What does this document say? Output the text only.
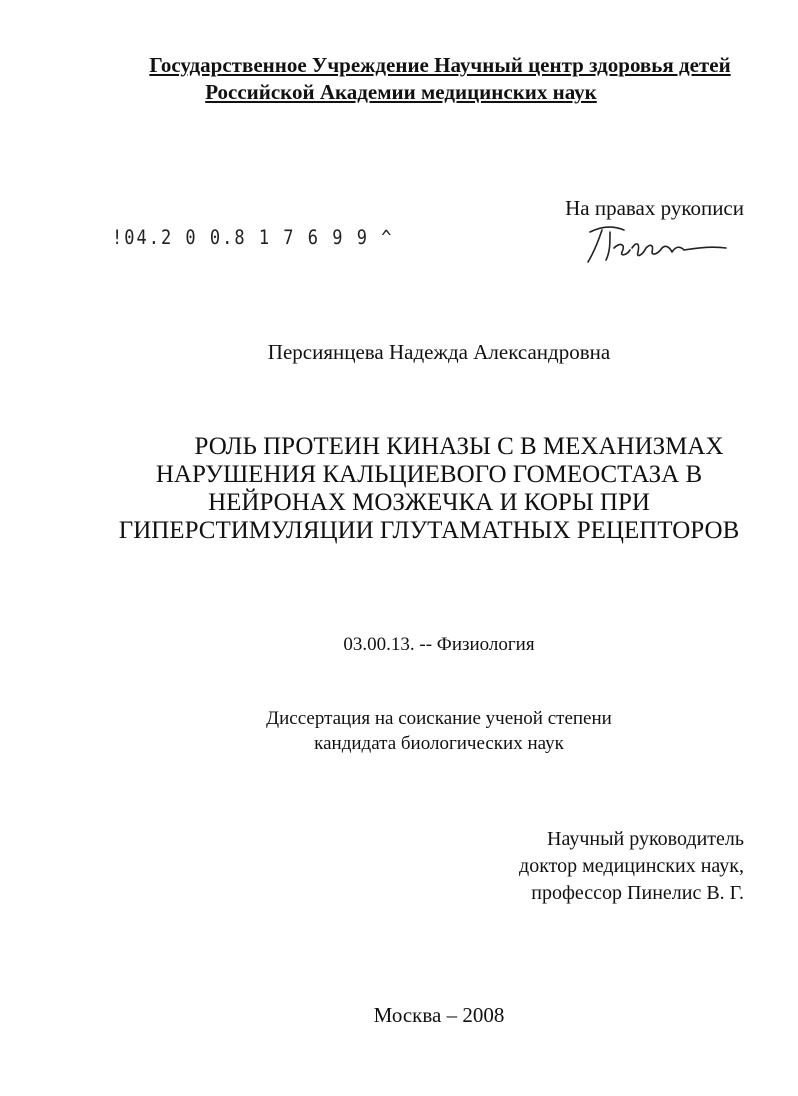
Государственное Учреждение Научный центр здоровья детей
Российской Академии медицинских наук
На правах рукописи
!04.2 0 0.8 1 7 6 9 9 ^
Персиянцева Надежда Александровна
РОЛЬ ПРОТЕИН КИНАЗЫ С В МЕХАНИЗМАХ
НАРУШЕНИЯ КАЛЬЦИЕВОГО ГОМЕОСТАЗА В
НЕЙРОНАХ МОЗЖЕЧКА И КОРЫ ПРИ
ГИПЕРСТИМУЛЯЦИИ ГЛУТАМАТНЫХ РЕЦЕПТОРОВ
03.00.13. -- Физиология
Диссертация на соискание ученой степени
кандидата биологических наук
Научный руководитель
доктор медицинских наук,
профессор Пинелис В. Г.
Москва – 2008
